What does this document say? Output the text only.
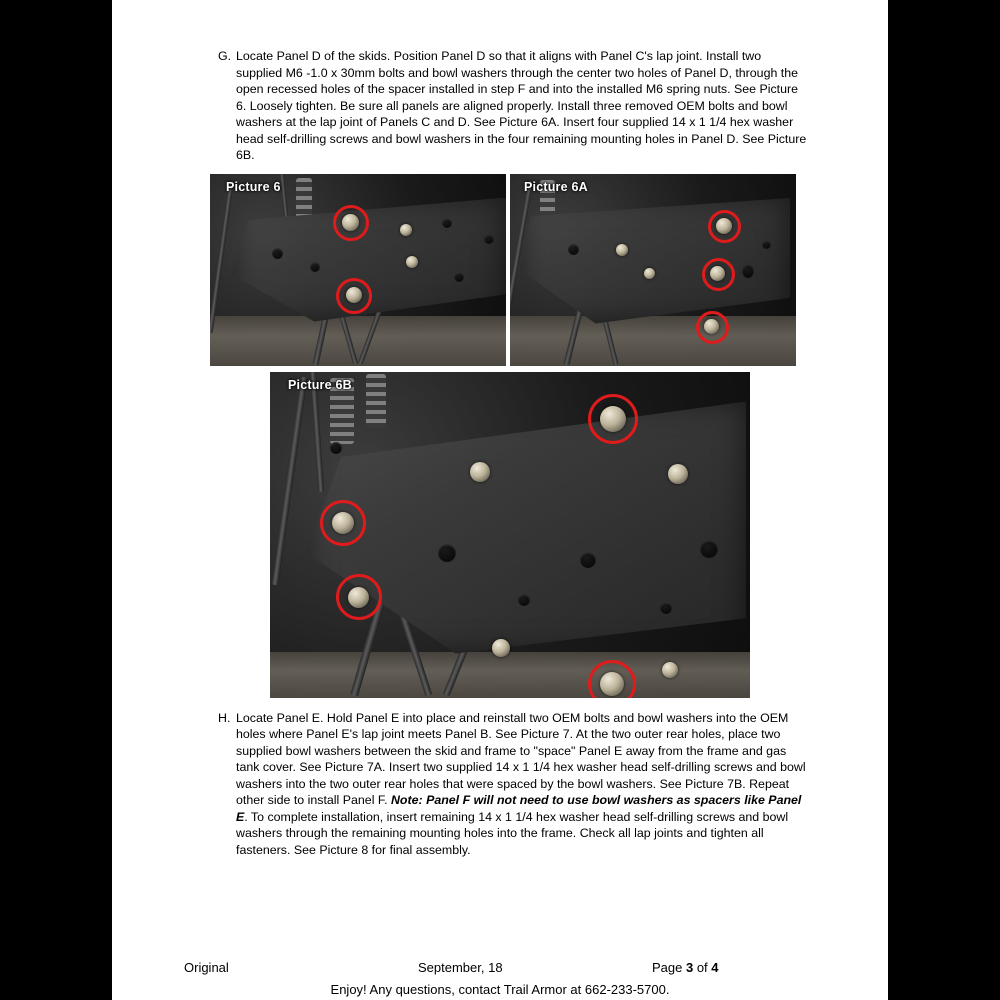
G. Locate Panel D of the skids. Position Panel D so that it aligns with Panel C's lap joint. Install two supplied M6 -1.0 x 30mm bolts and bowl washers through the center two holes of Panel D, through the open recessed holes of the spacer installed in step F and into the installed M6 spring nuts. See Picture 6. Loosely tighten. Be sure all panels are aligned properly. Install three removed OEM bolts and bowl washers at the lap joint of Panels C and D. See Picture 6A. Insert four supplied 14 x 1 1/4 hex washer head self-drilling screws and bowl washers in the four remaining mounting holes in Panel D. See Picture 6B.
Picture 6	Picture 6A
Picture 6B
H. Locate Panel E. Hold Panel E into place and reinstall two OEM bolts and bowl washers into the OEM holes where Panel E's lap joint meets Panel B. See Picture 7. At the two outer rear holes, place two supplied bowl washers between the skid and frame to "space" Panel E away from the frame and gas tank cover. See Picture 7A. Insert two supplied 14 x 1 1/4 hex washer head self-drilling screws and bowl washers into the two outer rear holes that were spaced by the bowl washers. See Picture 7B. Repeat other side to install Panel F. Note: Panel F will not need to use bowl washers as spacers like Panel E. To complete installation, insert remaining 14 x 1 1/4 hex washer head self-drilling screws and bowl washers through the remaining mounting holes into the frame. Check all lap joints and tighten all fasteners. See Picture 8 for final assembly.
Original	September, 18	Page 3 of 4
Enjoy! Any questions, contact Trail Armor at 662-233-5700.
